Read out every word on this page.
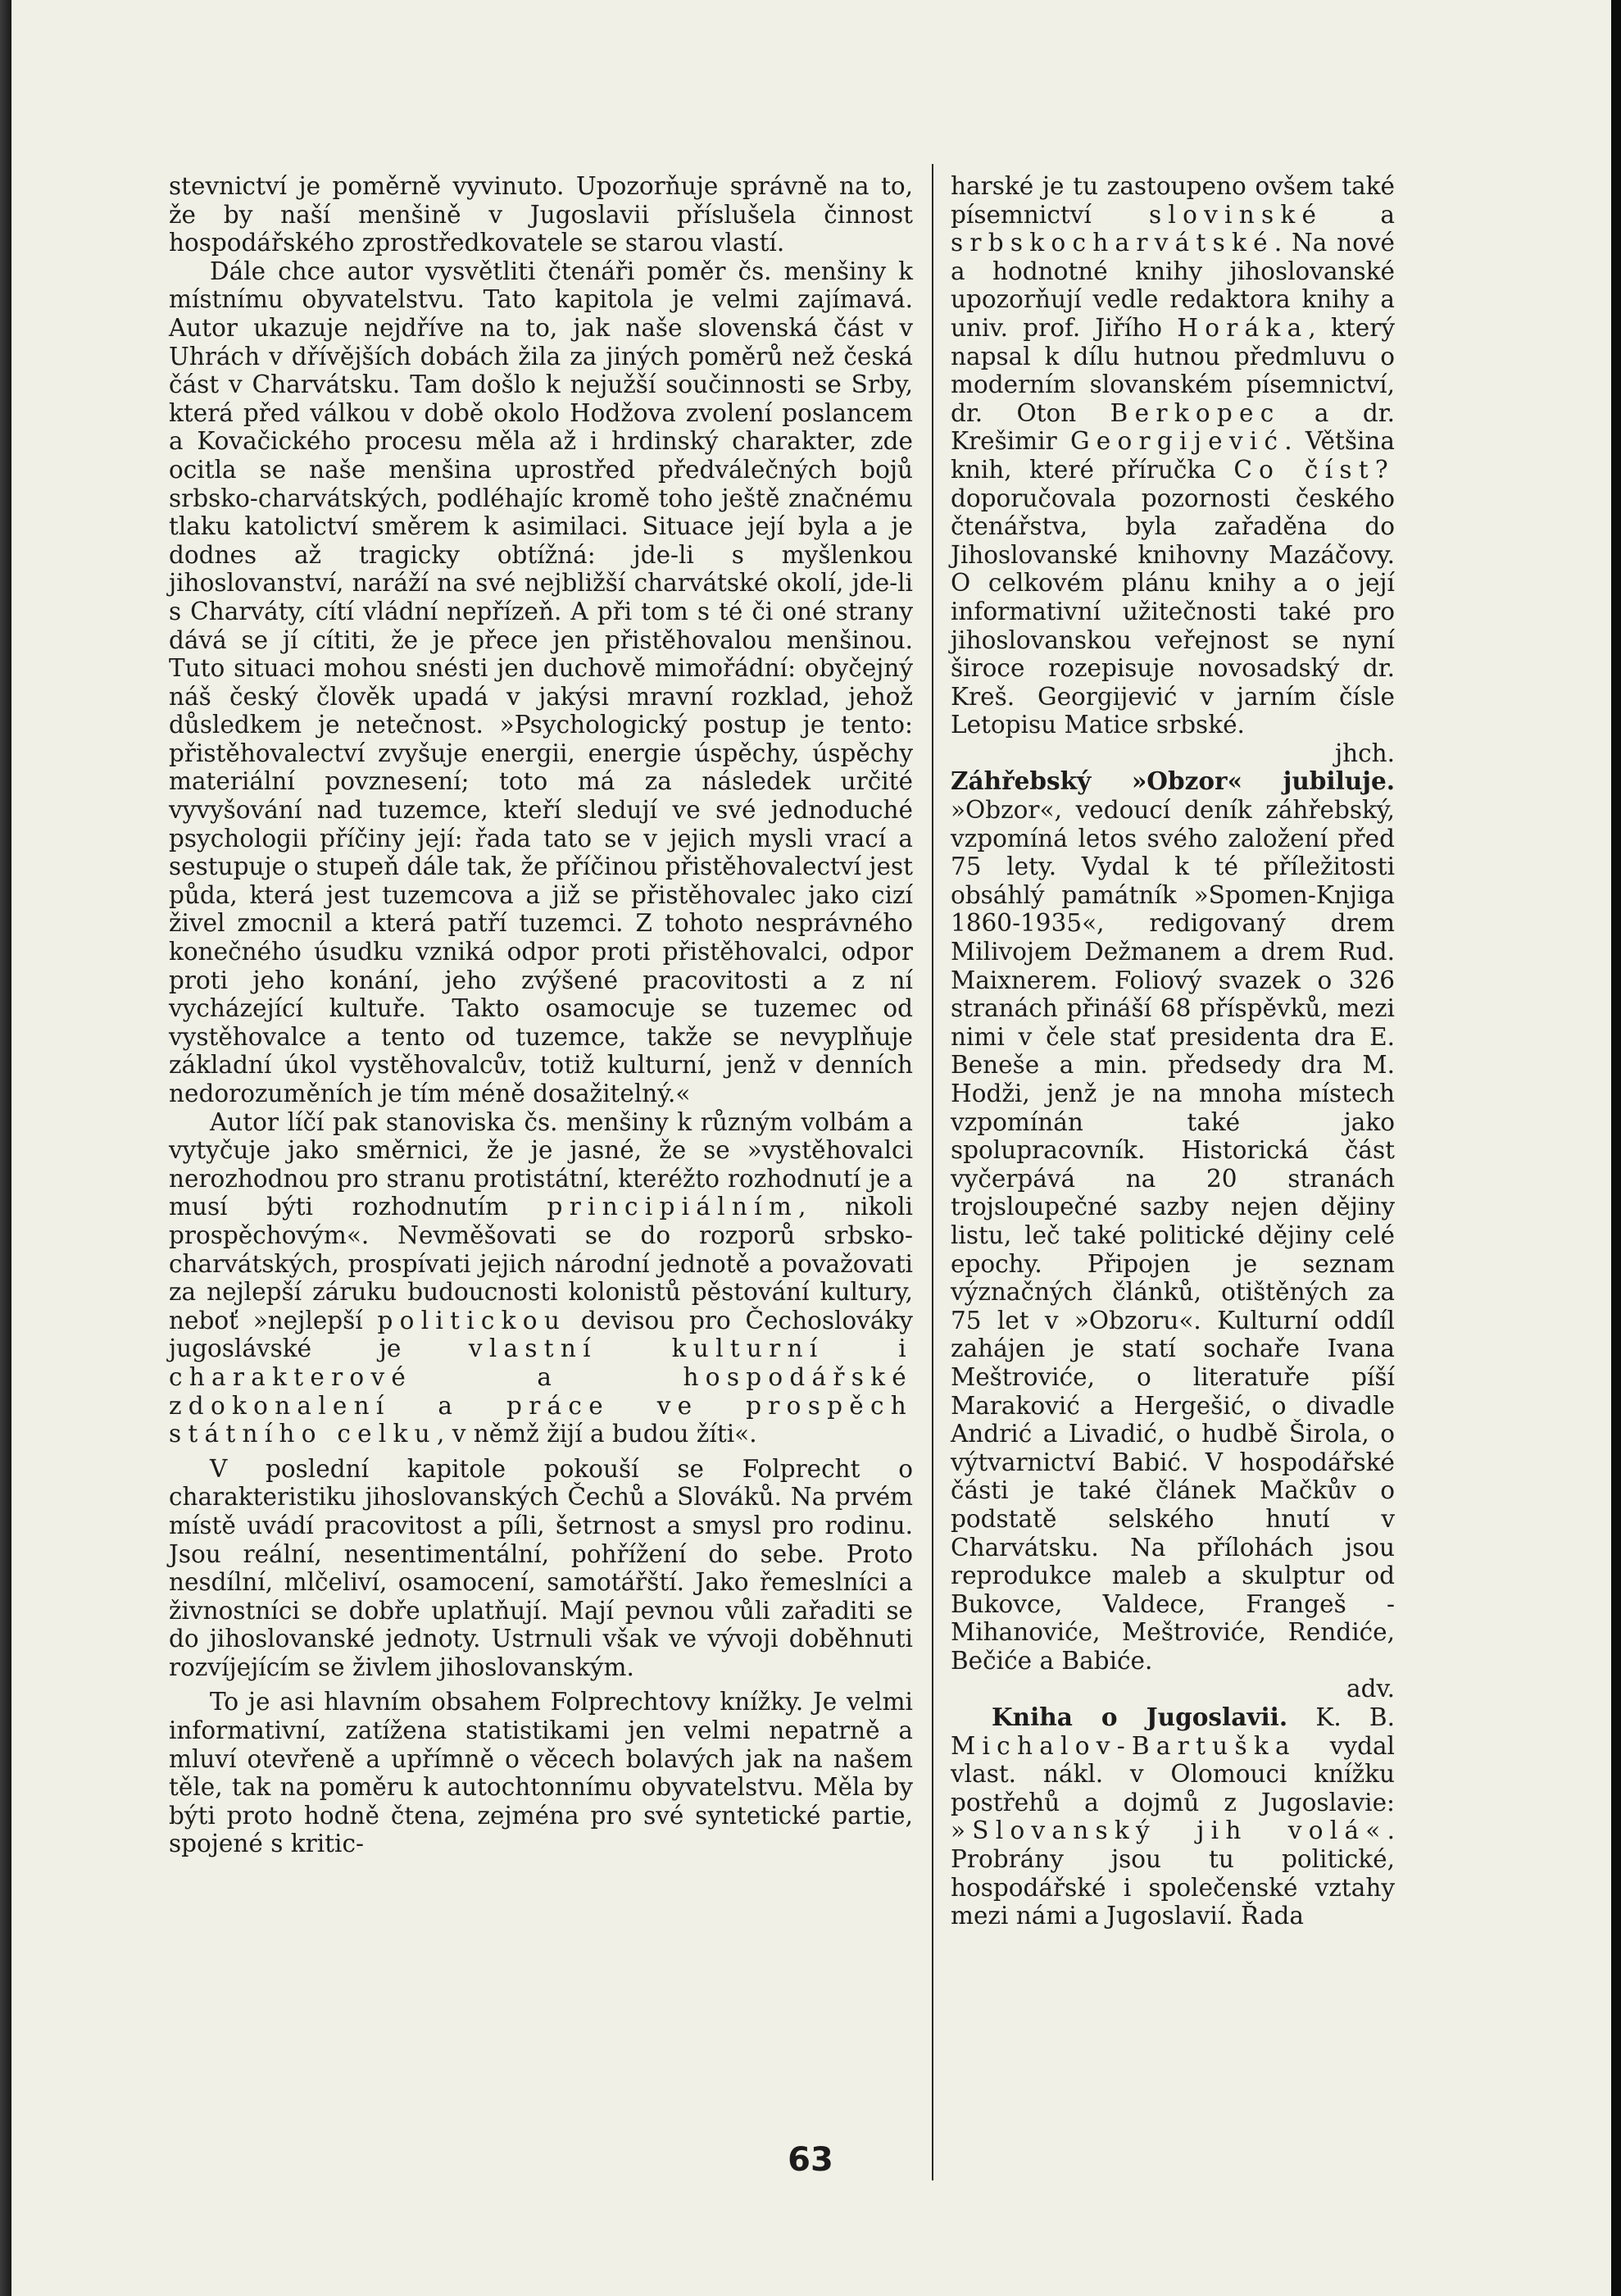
stevnictví je poměrně vyvinuto. Upozorňuje správně na to, že by naší menšině v Jugoslavii příslušela činnost hospodářského zprostředkovatele se starou vlastí.

Dále chce autor vysvětliti čtenáři poměr čs. menšiny k místnímu obyvatelstvu. Tato kapitola je velmi zajímavá. Autor ukazuje nejdříve na to, jak naše slovenská část v Uhrách v dřívějších dobách žila za jiných poměrů než česká část v Charvátsku. Tam došlo k nejužší součinnosti se Srby, která před válkou v době okolo Hodžova zvolení poslancem a Kovačického procesu měla až i hrdinský charakter, zde ocitla se naše menšina uprostřed předválečných bojů srbsko-charvátských, podléhajíc kromě toho ještě značnému tlaku katolictví směrem k asimilaci. Situace její byla a je dodnes až tragicky obtížná: jde-li s myšlenkou jihoslovanství, naráží na své nejbližší charvátské okolí, jde-li s Charváty, cítí vládní nepřízeň. A při tom s té či oné strany dává se jí cítiti, že je přece jen přistěhovalou menšinou. Tuto situaci mohou snésti jen duchově mimořádní: obyčejný náš český člověk upadá v jakýsi mravní rozklad, jehož důsledkem je netečnost. »Psychologický postup je tento: přistěhovalectví zvyšuje energii, energie úspěchy, úspěchy materiální povznesení; toto má za následek určité vyvyšování nad tuzemce, kteří sledují ve své jednoduché psychologii příčiny její: řada tato se v jejich mysli vrací a sestupuje o stupeň dále tak, že příčinou přistěhovalectví jest půda, která jest tuzemcova a již se přistěhovalec jako cizí živel zmocnil a která patří tuzemci. Z tohoto nesprávného konečného úsudku vzniká odpor proti přistěhovalci, odpor proti jeho konání, jeho zvýšené pracovitosti a z ní vycházející kultuře. Takto osamocuje se tuzemec od vystěhovalce a tento od tuzemce, takže se nevyplňuje základní úkol vystěhovalcův, totiž kulturní, jenž v denních nedorozuměních je tím méně dosažitelný.«

Autor líčí pak stanoviska čs. menšiny k různým volbám a vytyčuje jako směrnici, že je jasné, že se »vystěhovalci nerozhodnou pro stranu protistátní, kteréžto rozhodnutí je a musí býti rozhodnutím principiálním, nikoli prospěchovým«. Nevměšovati se do rozporů srbsko-charvátských, prospívati jejich národní jednotě a považovati za nejlepší záruku budoucnosti kolonistů pěstování kultury, neboť »nejlepší politickou devisou pro Čechoslováky jugoslávské je	vlastní kulturní i charakterové a hospodářské zdokonalení a práce ve prospěch státního celku, v němž žijí a budou žíti«.

V poslední kapitole pokouší se Folprecht o charakteristiku jihoslovanských Čechů a Slováků. Na prvém místě uvádí pracovitost a píli, šetrnost a smysl pro rodinu. Jsou reální, nesentimentální, pohřížení do sebe. Proto nesdílní, mlčeliví, osamocení, samotářští. Jako řemeslníci a živnostníci se dobře uplatňují. Mají pevnou vůli zařaditi se do jihoslovanské jednoty. Ustrnuli však ve vývoji doběhnuti rozvíjejícím se živlem jihoslovanským.

To je asi hlavním obsahem Folprechtovy knížky. Je velmi informativní, zatížena statistikami jen velmi nepatrně a mluví otevřeně a upřímně o věcech bolavých jak na našem těle, tak na poměru k autochtonnímu obyvatelstvu. Měla by býti proto hodně čtena, zejména pro své syntetické partie, spojené s kritic-

harské je tu zastoupeno ovšem také písemnictví slovinské a srbskocharvátské. Na nové a hodnotné knihy jihoslovanské upozorňují vedle redaktora knihy a univ. prof. Jiřího Horáka, který napsal k dílu hutnou předmluvu o moderním slovanském písemnictví, dr. Oton Berkopec a dr. Krešimir Georgijević. Většina knih, které příručka Co číst? doporučovala pozornosti českého čtenářstva, byla zařaděna do Jihoslovanské knihovny Mazáčovy. O celkovém plánu knihy a o její informativní užitečnosti také pro jihoslovanskou veřejnost se nyní široce rozepisuje novosadský dr. Kreš. Georgijević v jarním čísle Letopisu Matice srbské.

jhch.

Záhřebský »Obzor« jubiluje. »Obzor«, vedoucí deník záhřebský, vzpomíná letos svého založení před 75 lety. Vydal k té příležitosti obsáhlý památník »Spomen-Knjiga 1860-1935«, redigovaný drem Milivojem Dežmanem a drem Rud. Maixnerem. Foliový svazek o 326 stranách přináší 68 příspěvků, mezi nimi v čele stať presidenta dra E. Beneše a min. předsedy dra M. Hodži, jenž je na mnoha místech vzpomínán také jako spolupracovník. Historická část vyčerpává na 20 stranách trojsloupečné sazby nejen dějiny listu, leč také politické dějiny celé epochy. Připojen je seznam význačných článků, otištěných za 75 let v »Obzoru«. Kulturní oddíl zahájen je statí sochaře Ivana Meštroviće, o literatuře píší Maraković a Hergešić, o divadle Andrić a Livadić, o hudbě Širola, o výtvarnictví Babić. V hospodářské části je také článek Mačkův o podstatě selského hnutí v Charvátsku. Na přílohách jsou reprodukce maleb a skulptur od Bukovce, Valdece, Frangeš - Mihanoviće, Meštroviće, Rendiće, Bečiće a Babiće.

adv.

Kniha o Jugoslavii. K. B. Michalov-Bartuška vydal vlast. nákl. v Olomouci knížku postřehů a dojmů z Jugoslavie: »Slovanský jih volá«. Probrány jsou tu politické, hospodářské i společenské vztahy mezi námi a Jugoslavií. Řada

63
